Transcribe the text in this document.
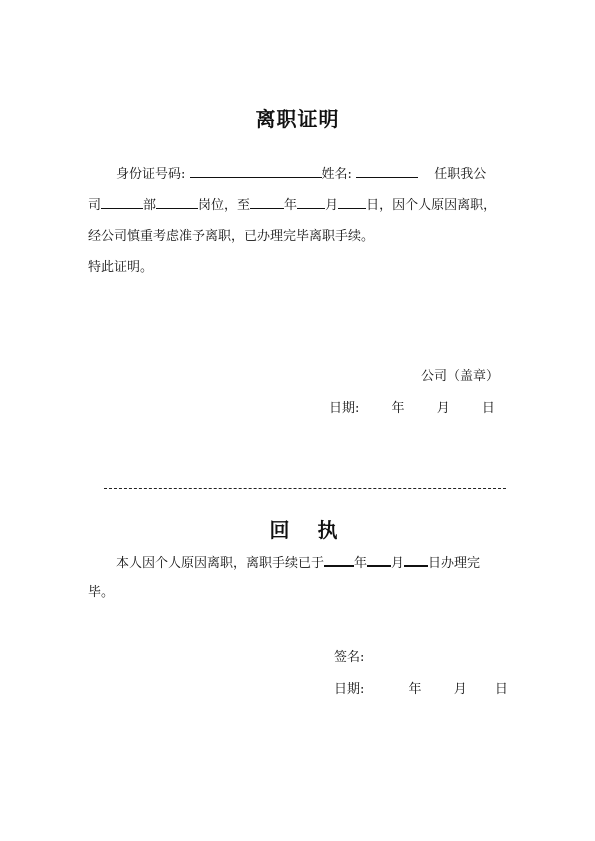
离职证明
身份证号码:	姓名:	任职我公
司	部	岗位，至	年 月 日，因个人原因离职，
经公司慎重考虑准予离职，已办理完毕离职手续。
特此证明。
公司（盖章）
日期: 年 月 日
回执
本人因个人原因离职，离职手续已于 年 月 日办理完
毕。
签名:
日期:	年 月 日
